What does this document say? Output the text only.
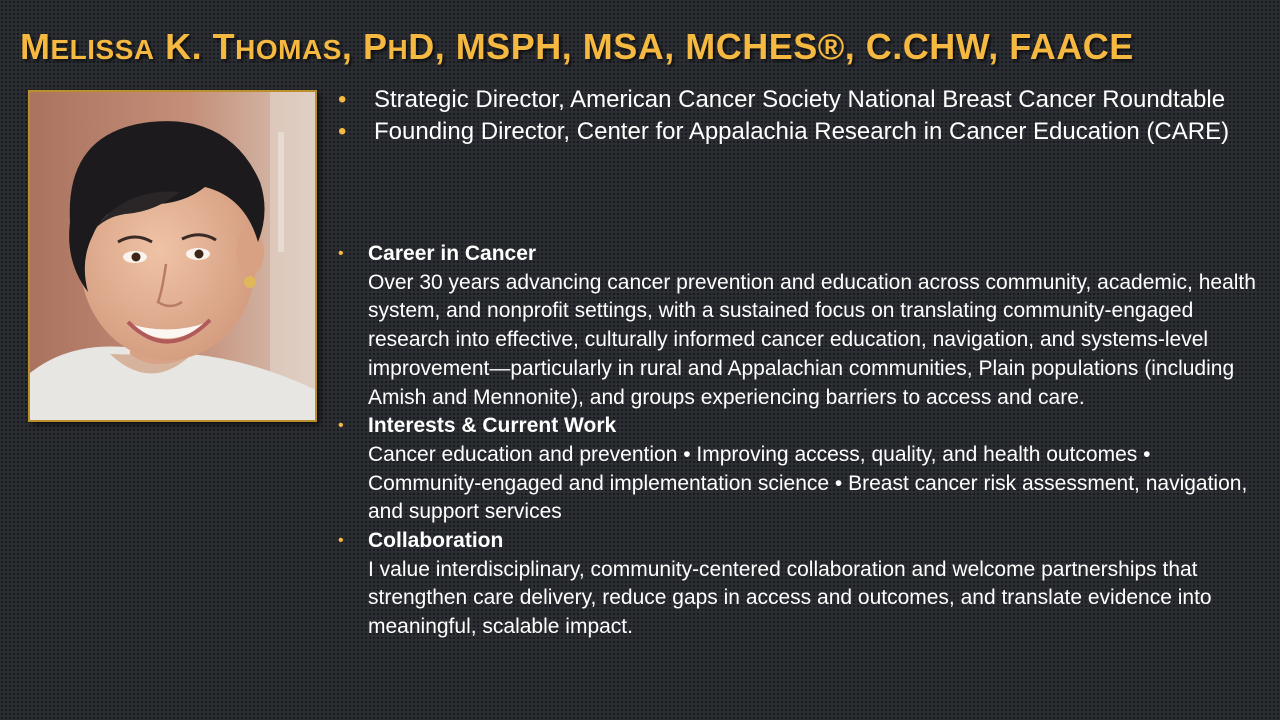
MELISSA K. THOMAS, PHD, MSPH, MSA, MCHES®, C.CHW, FAACE
• Strategic Director, American Cancer Society National Breast Cancer Roundtable
• Founding Director, Center for Appalachia Research in Cancer Education (CARE)
• Career in Cancer
Over 30 years advancing cancer prevention and education across community, academic, health system, and nonprofit settings, with a sustained focus on translating community-engaged research into effective, culturally informed cancer education, navigation, and systems-level improvement—particularly in rural and Appalachian communities, Plain populations (including Amish and Mennonite), and groups experiencing barriers to access and care.
• Interests & Current Work
Cancer education and prevention • Improving access, quality, and health outcomes • Community-engaged and implementation science • Breast cancer risk assessment, navigation, and support services
• Collaboration
I value interdisciplinary, community-centered collaboration and welcome partnerships that strengthen care delivery, reduce gaps in access and outcomes, and translate evidence into meaningful, scalable impact.
